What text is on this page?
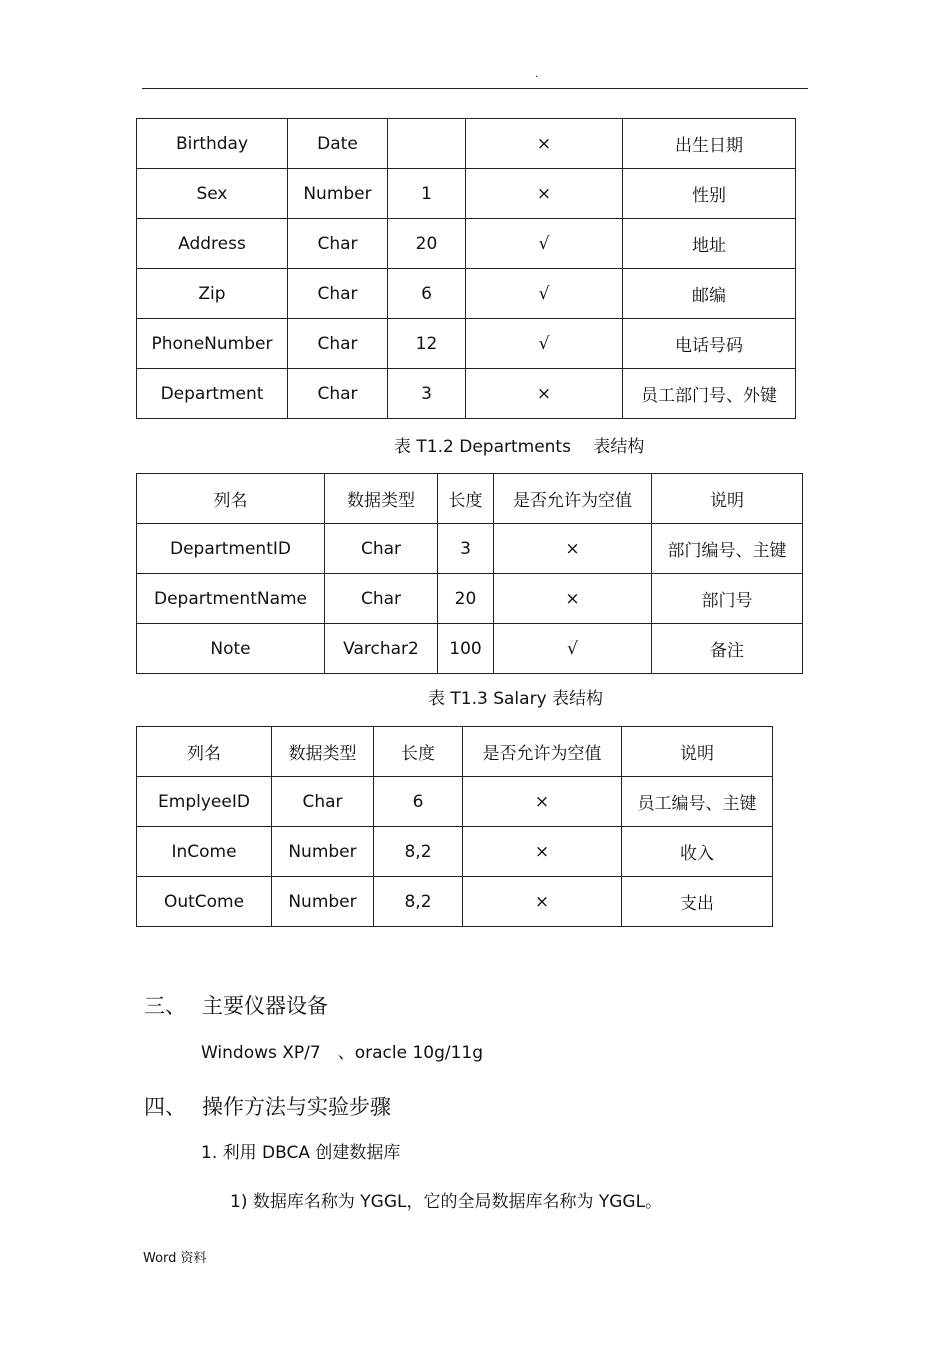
.
Birthday	Date		×	出生日期
Sex	Number	1	×	性别
Address	Char	20	√	地址
Zip	Char	6	√	邮编
PhoneNumber	Char	12	√	电话号码
Department	Char	3	×	员工部门号、外键
表 T1.2 Departments　 表结构
列名	数据类型	长度	是否允许为空值	说明
DepartmentID	Char	3	×	部门编号、主键
DepartmentName	Char	20	×	部门号
Note	Varchar2	100	√	备注
表 T1.3 Salary 表结构
列名	数据类型	长度	是否允许为空值	说明
EmplyeeID	Char	6	×	员工编号、主键
InCome	Number	8,2	×	收入
OutCome	Number	8,2	×	支出
三、 主要仪器设备
Windows XP/7　、oracle 10g/11g
四、 操作方法与实验步骤
1. 利用 DBCA 创建数据库
1) 数据库名称为 YGGL，它的全局数据库名称为 YGGL。
Word 资料
